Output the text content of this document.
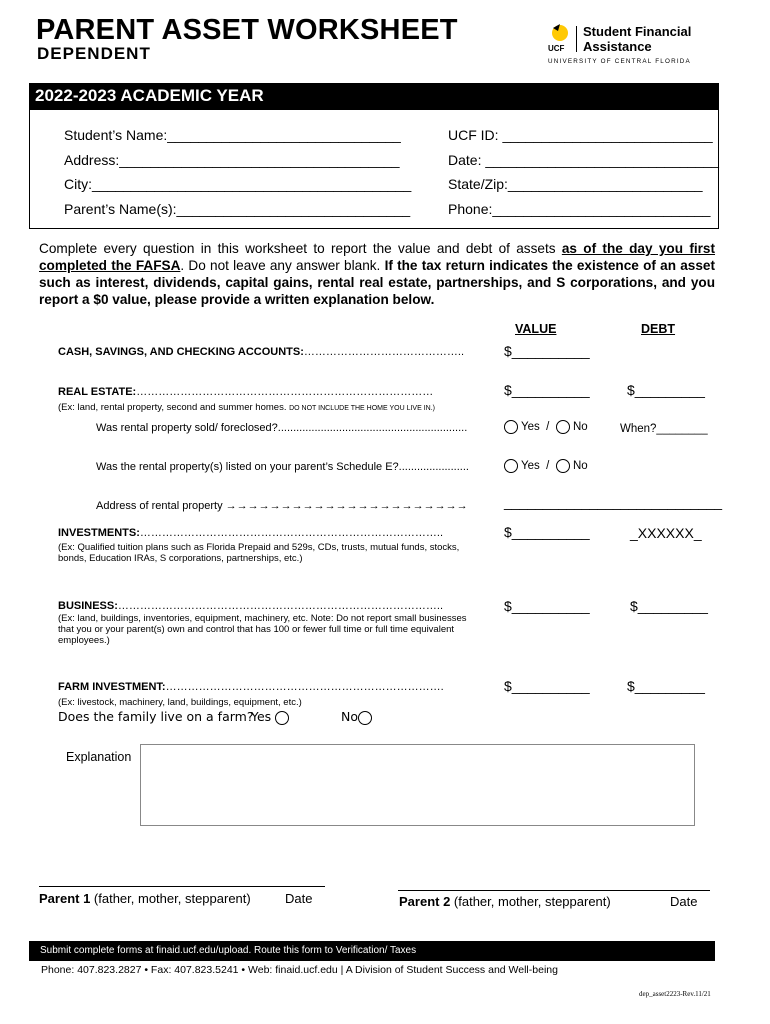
PARENT ASSET WORKSHEET
DEPENDENT	UCF
Student Financial
Assistance
UNIVERSITY OF CENTRAL FLORIDA
2022-2023 ACADEMIC YEAR
Student’s Name:______________________________
Address:____________________________________
City:_________________________________________
Parent’s Name(s):______________________________
UCF ID: ___________________________
Date: ______________________________
State/Zip:_________________________
Phone:____________________________
Complete every question in this worksheet to report the value and debt of assets as of the day you first completed the FAFSA. Do not leave any answer blank. If the tax return indicates the existence of an asset such as interest, dividends, capital gains, rental real estate, partnerships, and S corporations, and you report a $0 value, please provide a written explanation below.
VALUE	DEBT
CASH, SAVINGS, AND CHECKING ACCOUNTS:……………………………………..	$__________
REAL ESTATE:………………………………………………………………………	$__________	$_________
(Ex: land, rental property, second and summer homes. DO NOT INCLUDE THE HOME YOU LIVE IN.)
Was rental property sold/ foreclosed?..............................................................	Yes / No	When?________
Was the rental property(s) listed on your parent’s Schedule E?.......................	Yes / No
Address of rental property →→→→→→→→→→→→→→→→→→→→→→	____________________________
INVESTMENTS:………………………………………………………………………..	$__________	_XXXXXX_
(Ex: Qualified tuition plans such as Florida Prepaid and 529s, CDs, trusts, mutual funds, stocks, bonds, Education IRAs, S corporations, partnerships, etc.)
BUSINESS:……………………………………………………………………………..	$__________	$_________
(Ex: land, buildings, inventories, equipment, machinery, etc. Note: Do not report small businesses that you or your parent(s) own and control that has 100 or fewer full time or full time equivalent employees.)
FARM INVESTMENT:………………………………………………………………….	$__________	$_________
(Ex: livestock, machinery, land, buildings, equipment, etc.)
Does the family live on a farm?
Yes	No
Explanation
Parent 1 (father, mother, stepparent)	Date	Parent 2 (father, mother, stepparent)	Date
Submit complete forms at finaid.ucf.edu/upload. Route this form to Verification/ Taxes
Phone: 407.823.2827 • Fax: 407.823.5241 • Web: finaid.ucf.edu | A Division of Student Success and Well-being
dep_asset2223-Rev.11/21
